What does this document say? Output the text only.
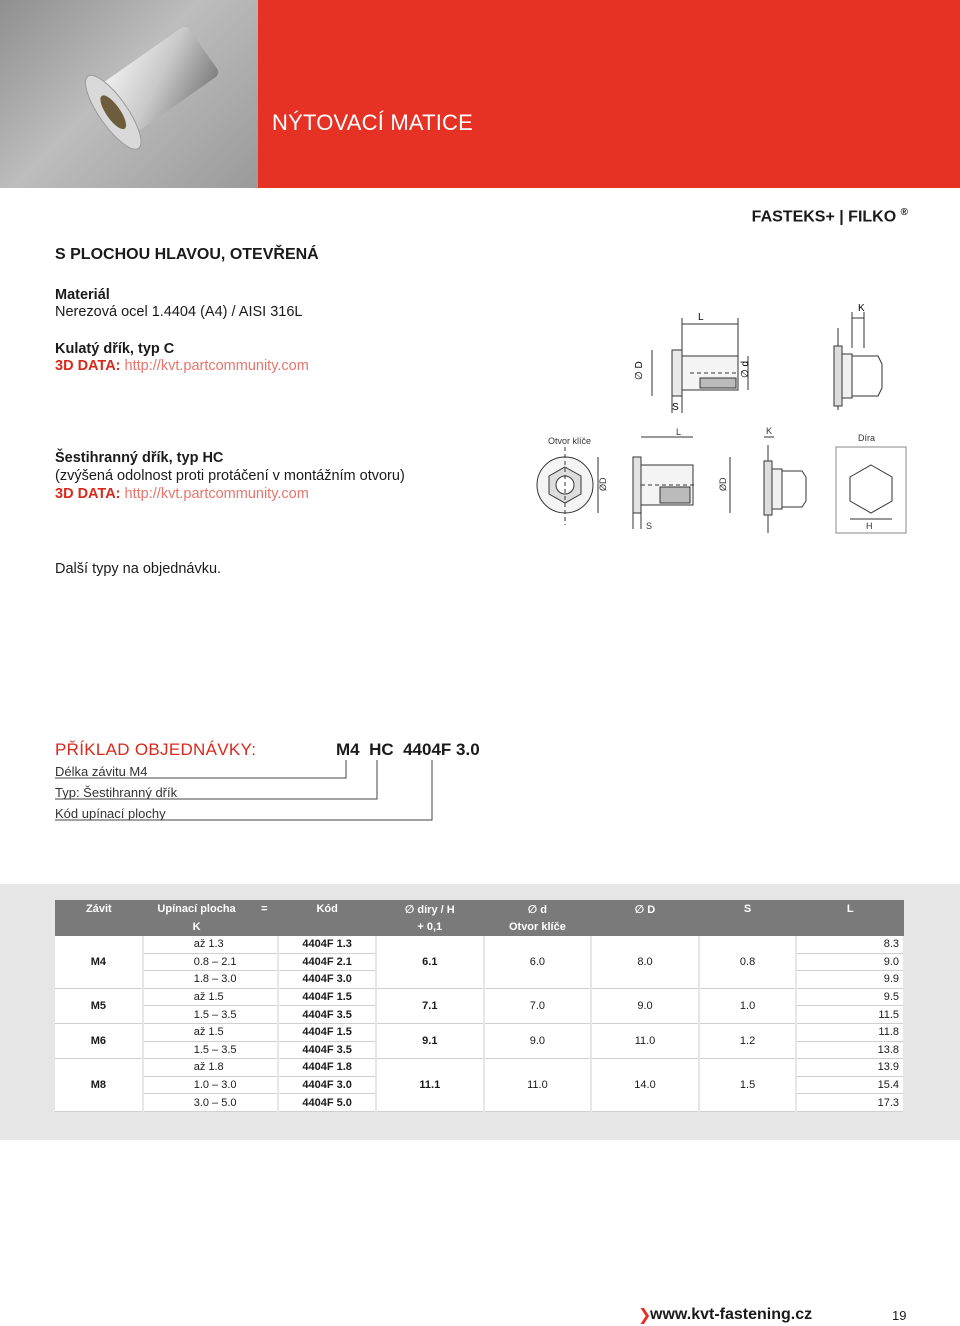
NÝTOVACÍ MATICE
FASTEKS+ | FILKO ®
S PLOCHOU HLAVOU, OTEVŘENÁ
Materiál
Nerezová ocel 1.4404 (A4) / AISI 316L
Kulatý dřík, typ C
3D DATA: http://kvt.partcommunity.com
Šestihranný dřík, typ HC
(zvýšená odolnost proti protáčení v montážním otvoru)
3D DATA: http://kvt.partcommunity.com
Další typy na objednávku.
L
K
S
∅ D	∅ d
Otvor klíče
L	K
Díra
S	H
ØD	ØD
PŘÍKLAD OBJEDNÁVKY:	M4 HC 4404F 3.0
Délka závitu M4
Typ: Šestihranný dřík
Kód upínací plochy
Závit	Upínací plocha	=	Kód	∅ díry / H	∅ d	∅ D	S	L
	K			+ 0,1	Otvor klíče			
M4	až 1.3		4404F 1.3	6.1	6.0	8.0	0.8	8.3
	0.8 – 2.1		4404F 2.1					9.0
	1.8 – 3.0		4404F 3.0					9.9
M5	až 1.5		4404F 1.5	7.1	7.0	9.0	1.0	9.5
	1.5 – 3.5		4404F 3.5					11.5
M6	až 1.5		4404F 1.5	9.1	9.0	11.0	1.2	11.8
	1.5 – 3.5		4404F 3.5					13.8
M8	až 1.8		4404F 1.8	11.1	11.0	14.0	1.5	13.9
	1.0 – 3.0		4404F 3.0					15.4
	3.0 – 5.0		4404F 5.0					17.3
❯
www.kvt-fastening.cz	19
